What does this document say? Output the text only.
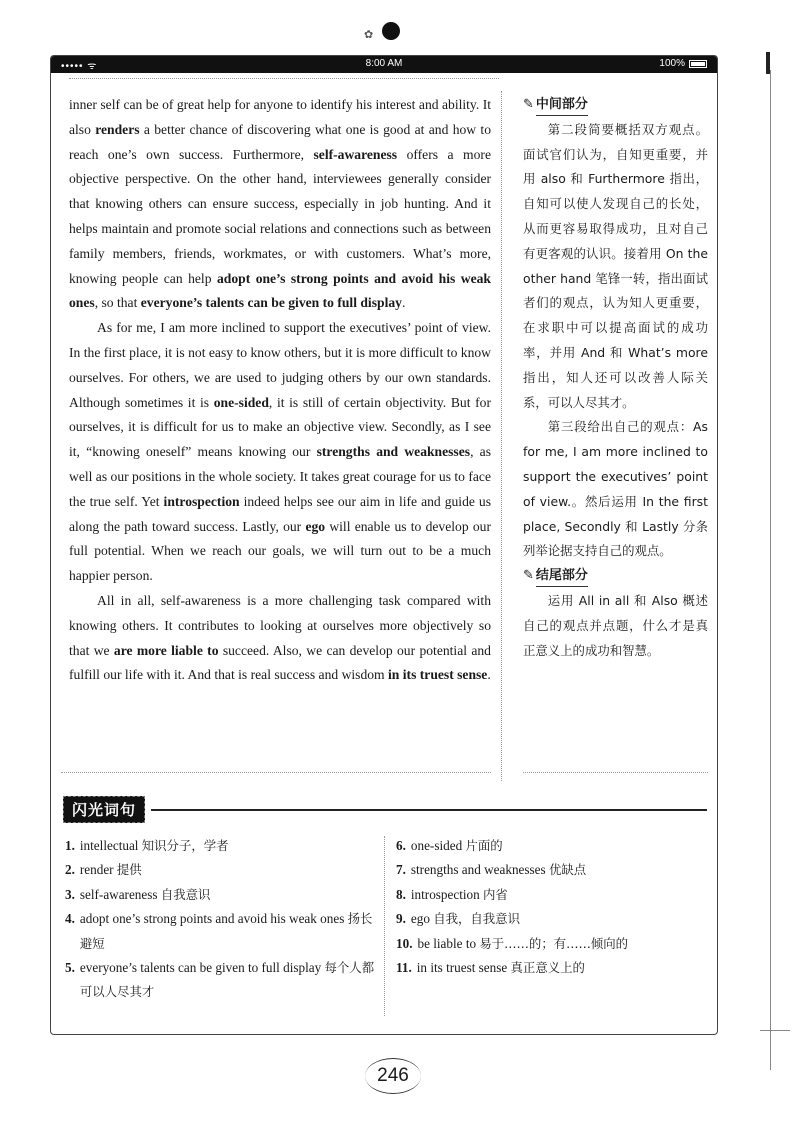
✿
••••• ᯤ	8:00 AM	100%

inner self can be of great help for anyone to identify his interest and ability. It also renders a better chance of discovering what one is good at and how to reach one’s own success. Furthermore, self-awareness offers a more objective perspective. On the other hand, interviewees generally consider that knowing others can ensure success, especially in job hunting. And it helps maintain and promote social relations and connections such as between family members, friends, workmates, or with customers. What’s more, knowing people can help adopt one’s strong points and avoid his weak ones, so that everyone’s talents can be given to full display.

As for me, I am more inclined to support the executives’ point of view. In the first place, it is not easy to know others, but it is more difficult to know ourselves. For others, we are used to judging others by our own standards. Although sometimes it is one-sided, it is still of certain objectivity. But for ourselves, it is difficult for us to make an objective view. Secondly, as I see it, “knowing oneself” means knowing our strengths and weaknesses, as well as our positions in the whole society. It takes great courage for us to face the true self. Yet introspection indeed helps see our aim in life and guide us along the path toward success. Lastly, our ego will enable us to develop our full potential. When we reach our goals, we will turn out to be a much happier person.

All in all, self-awareness is a more challenging task compared with knowing others. It contributes to looking at ourselves more objectively so that we are more liable to succeed. Also, we can develop our potential and fulfill our life with it. And that is real success and wisdom in its truest sense.

✎ 中间部分

第二段简要概括双方观点。面试官们认为，自知更重要，并用 also 和 Furthermore 指出，自知可以使人发现自己的长处，从而更容易取得成功，且对自己有更客观的认识。接着用 On the other hand 笔锋一转，指出面试者们的观点，认为知人更重要，在求职中可以提高面试的成功率，并用 And 和 What’s more 指出，知人还可以改善人际关系，可以人尽其才。

第三段给出自己的观点：As for me, I am more inclined to support the executives’ point of view.。然后运用 In the first place, Secondly 和 Lastly 分条列举论据支持自己的观点。

✎ 结尾部分

运用 All in all 和 Also 概述自己的观点并点题，什么才是真正意义上的成功和智慧。

闪光词句
1. intellectual 知识分子，学者
2. render 提供
3. self-awareness 自我意识
4. adopt one’s strong points and avoid his weak ones 扬长避短
5. everyone’s talents can be given to full display 每个人都可以人尽其才
6. one-sided 片面的
7. strengths and weaknesses 优缺点
8. introspection 内省
9. ego 自我，自我意识
10. be liable to 易于……的；有……倾向的
11. in its truest sense 真正意义上的
246
